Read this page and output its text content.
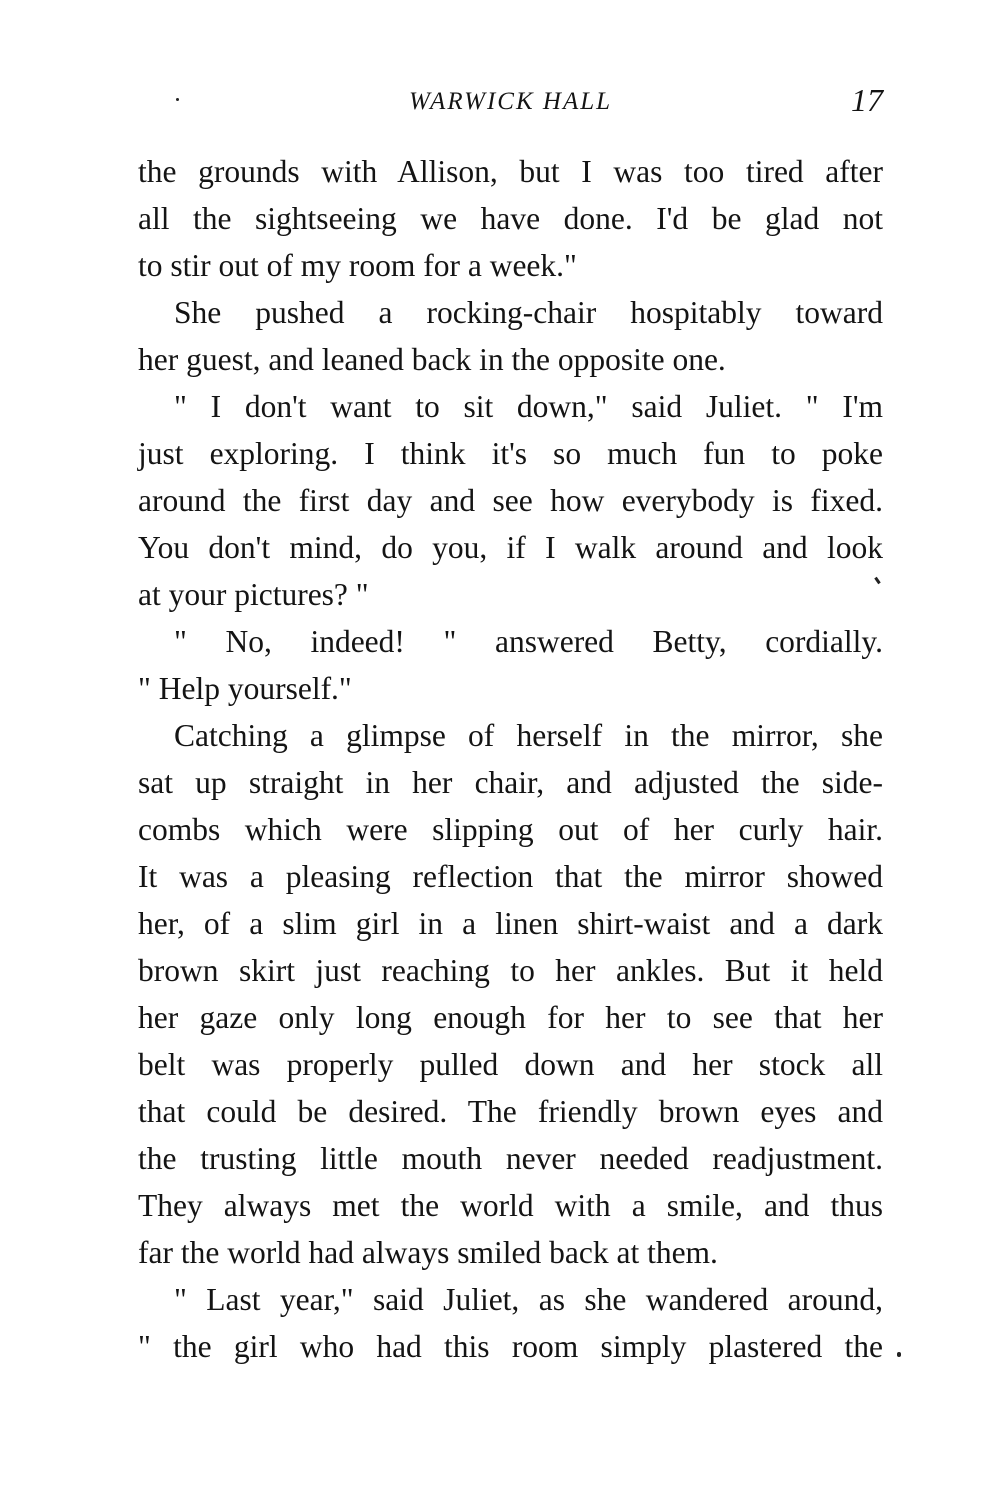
WARWICK HALL	17
the grounds with Allison, but I was too tired after
all the sightseeing we have done. I'd be glad not
to stir out of my room for a week."
She pushed a rocking-chair hospitably toward
her guest, and leaned back in the opposite one.
" I don't want to sit down," said Juliet. " I'm
just exploring. I think it's so much fun to poke
around the first day and see how everybody is fixed.
You don't mind, do you, if I walk around and look
at your pictures? "
" No, indeed! " answered Betty, cordially.
" Help yourself."
Catching a glimpse of herself in the mirror, she
sat up straight in her chair, and adjusted the side-
combs which were slipping out of her curly hair.
It was a pleasing reflection that the mirror showed
her, of a slim girl in a linen shirt-waist and a dark
brown skirt just reaching to her ankles. But it held
her gaze only long enough for her to see that her
belt was properly pulled down and her stock all
that could be desired. The friendly brown eyes and
the trusting little mouth never needed readjustment.
They always met the world with a smile, and thus
far the world had always smiled back at them.
" Last year," said Juliet, as she wandered around,
" the girl who had this room simply plastered the
